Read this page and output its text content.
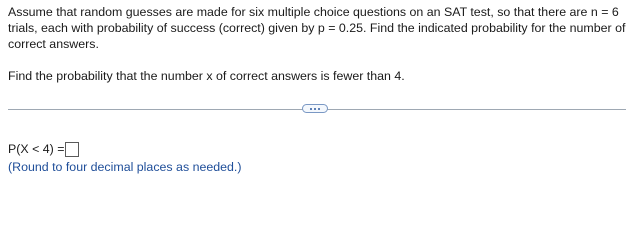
Assume that random guesses are made for six multiple choice questions on an SAT test, so that there are n = 6 trials, each with probability of success (correct) given by p = 0.25. Find the indicated probability for the number of correct answers.

Find the probability that the number x of correct answers is fewer than 4.

P(X < 4) =
(Round to four decimal places as needed.)
